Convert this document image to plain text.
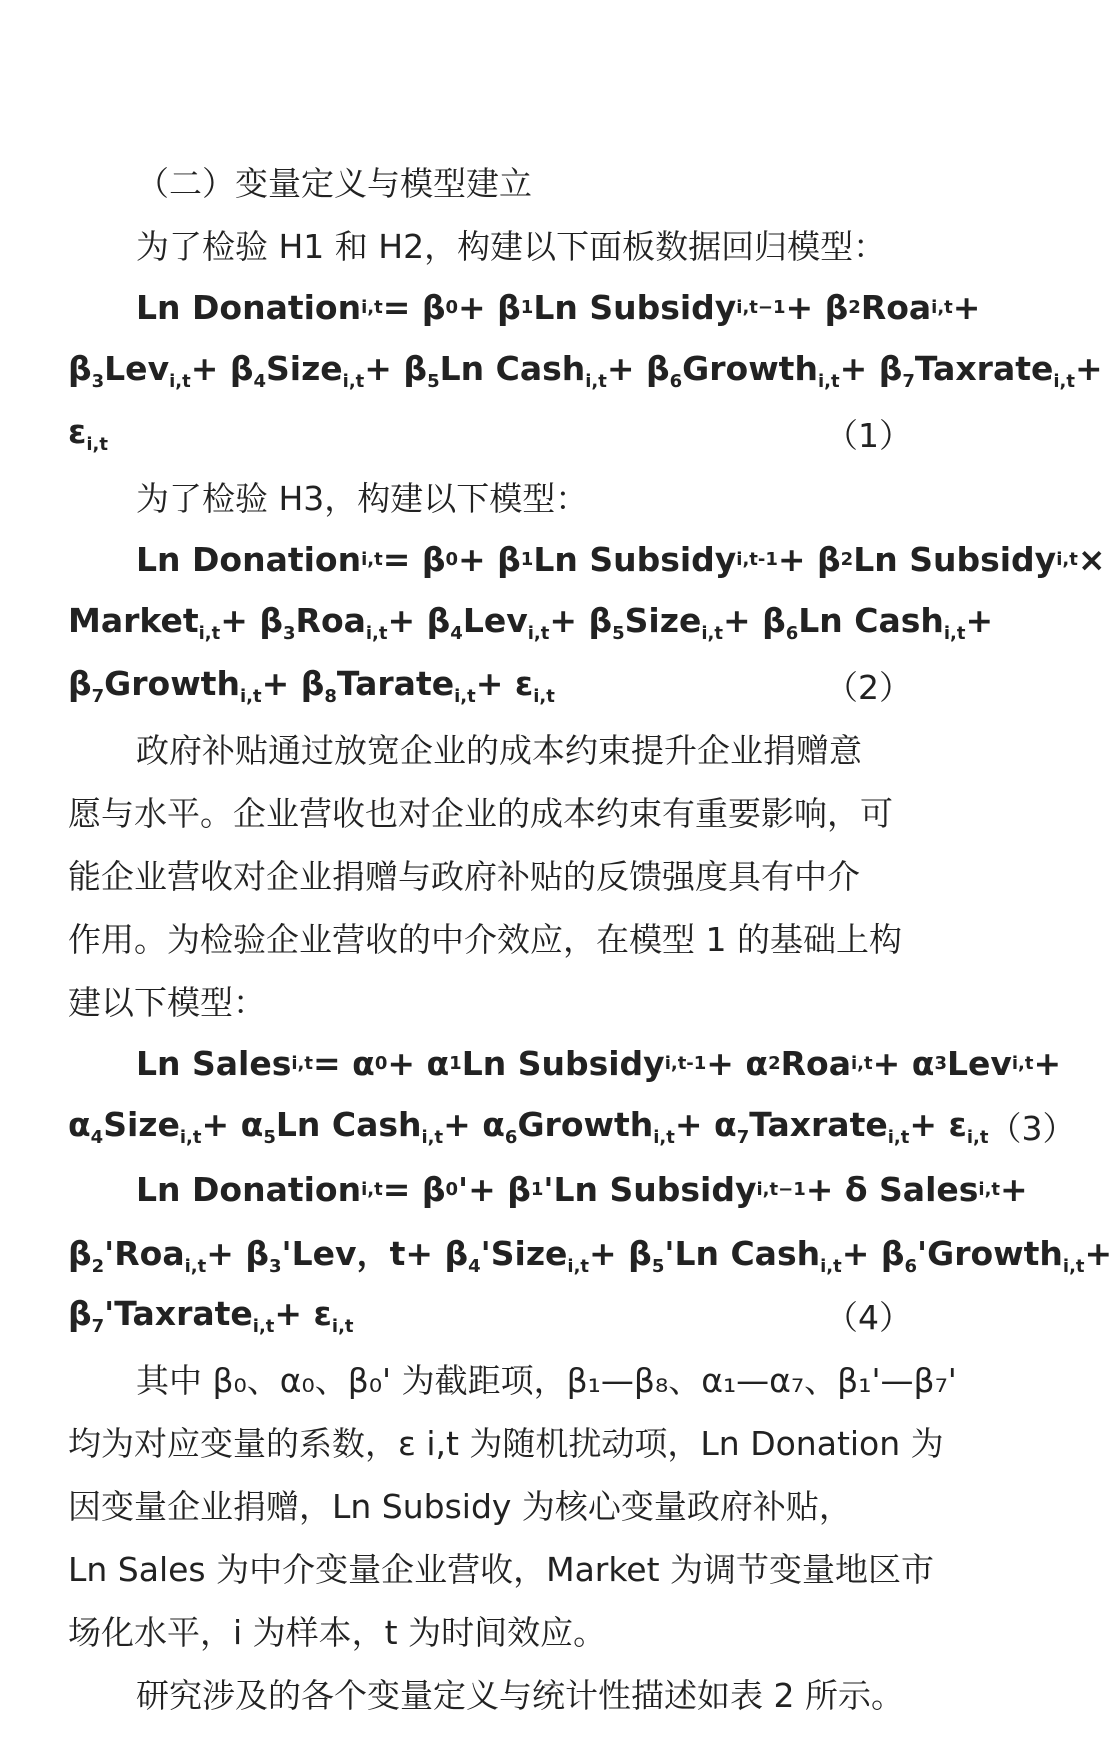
（二）变量定义与模型建立
为了检验 H1 和 H2，构建以下面板数据回归模型：
Ln Donation i,t = β 0 + β 1 Ln Subsidy i,t−1 + β 2 Roa i,t +
$\beta_3Lev_{i,t}+$ $\beta_4Size_{i,t}+ \beta_5Ln$ Cash$_{i,t}$+ $\beta_6Growth_{i,t}+$ $\beta_7Taxrate_{i,t}+$
$\varepsilon_{i,t}$	（1）
为了检验 H3，构建以下模型：
Ln Donation i,t = β 0 + β 1 Ln Subsidy i,t-1 + β 2 Ln Subsidy i,t ×
Market$_{i,t}$+ $\beta_3Roa_{i,t}+ \beta_4Lev_{i,t}+$ $\beta_5Size_{i,t}+ \beta_6Ln$ Cash$_{i,t}$+
$\beta_7Growth_{i,t}+$ $\beta_8Tarate_{i,t}+ \varepsilon_{i,t}$	（2）
政府补贴通过放宽企业的成本约束提升企业捐赠意
愿与水平。企业营收也对企业的成本约束有重要影响，可
能企业营收对企业捐赠与政府补贴的反馈强度具有中介
作用。为检验企业营收的中介效应，在模型 1 的基础上构
建以下模型：
Ln Sales i,t = α 0 + α 1 Ln Subsidy i,t-1 + α 2 Roa i,t + α 3 Lev i,t +
$\alpha_4Size_{i,t}+ \alpha_5Ln$ Cash$_{i,t}$+ $\alpha_6Growth_{i,t}+$ $\alpha_7Taxrate_{i,t}+ \varepsilon_{i,t}$ （3）
Ln Donation i,t = β 0 '+ β 1 'Ln Subsidy i,t−1 + δ Sales i,t +
$\beta_2'Roa_{i,t}+ \beta_3'Lev$，$t+ \beta_4'Size_{i,t}+ \beta_5'Ln$ Cash$_{i,t}$+ $\beta_6'Growth_{i,t}+$
$\beta_7'Taxrate_{i,t}+ \varepsilon_{i,t}$	（4）
其中 β₀、α₀、β₀' 为截距项，β₁—β₈、α₁—α₇、β₁'—β₇'
均为对应变量的系数，ε i,t 为随机扰动项，Ln Donation 为
因变量企业捐赠，Ln Subsidy 为核心变量政府补贴，
Ln Sales 为中介变量企业营收，Market 为调节变量地区市
场化水平，i 为样本，t 为时间效应。
研究涉及的各个变量定义与统计性描述如表 2 所示。
